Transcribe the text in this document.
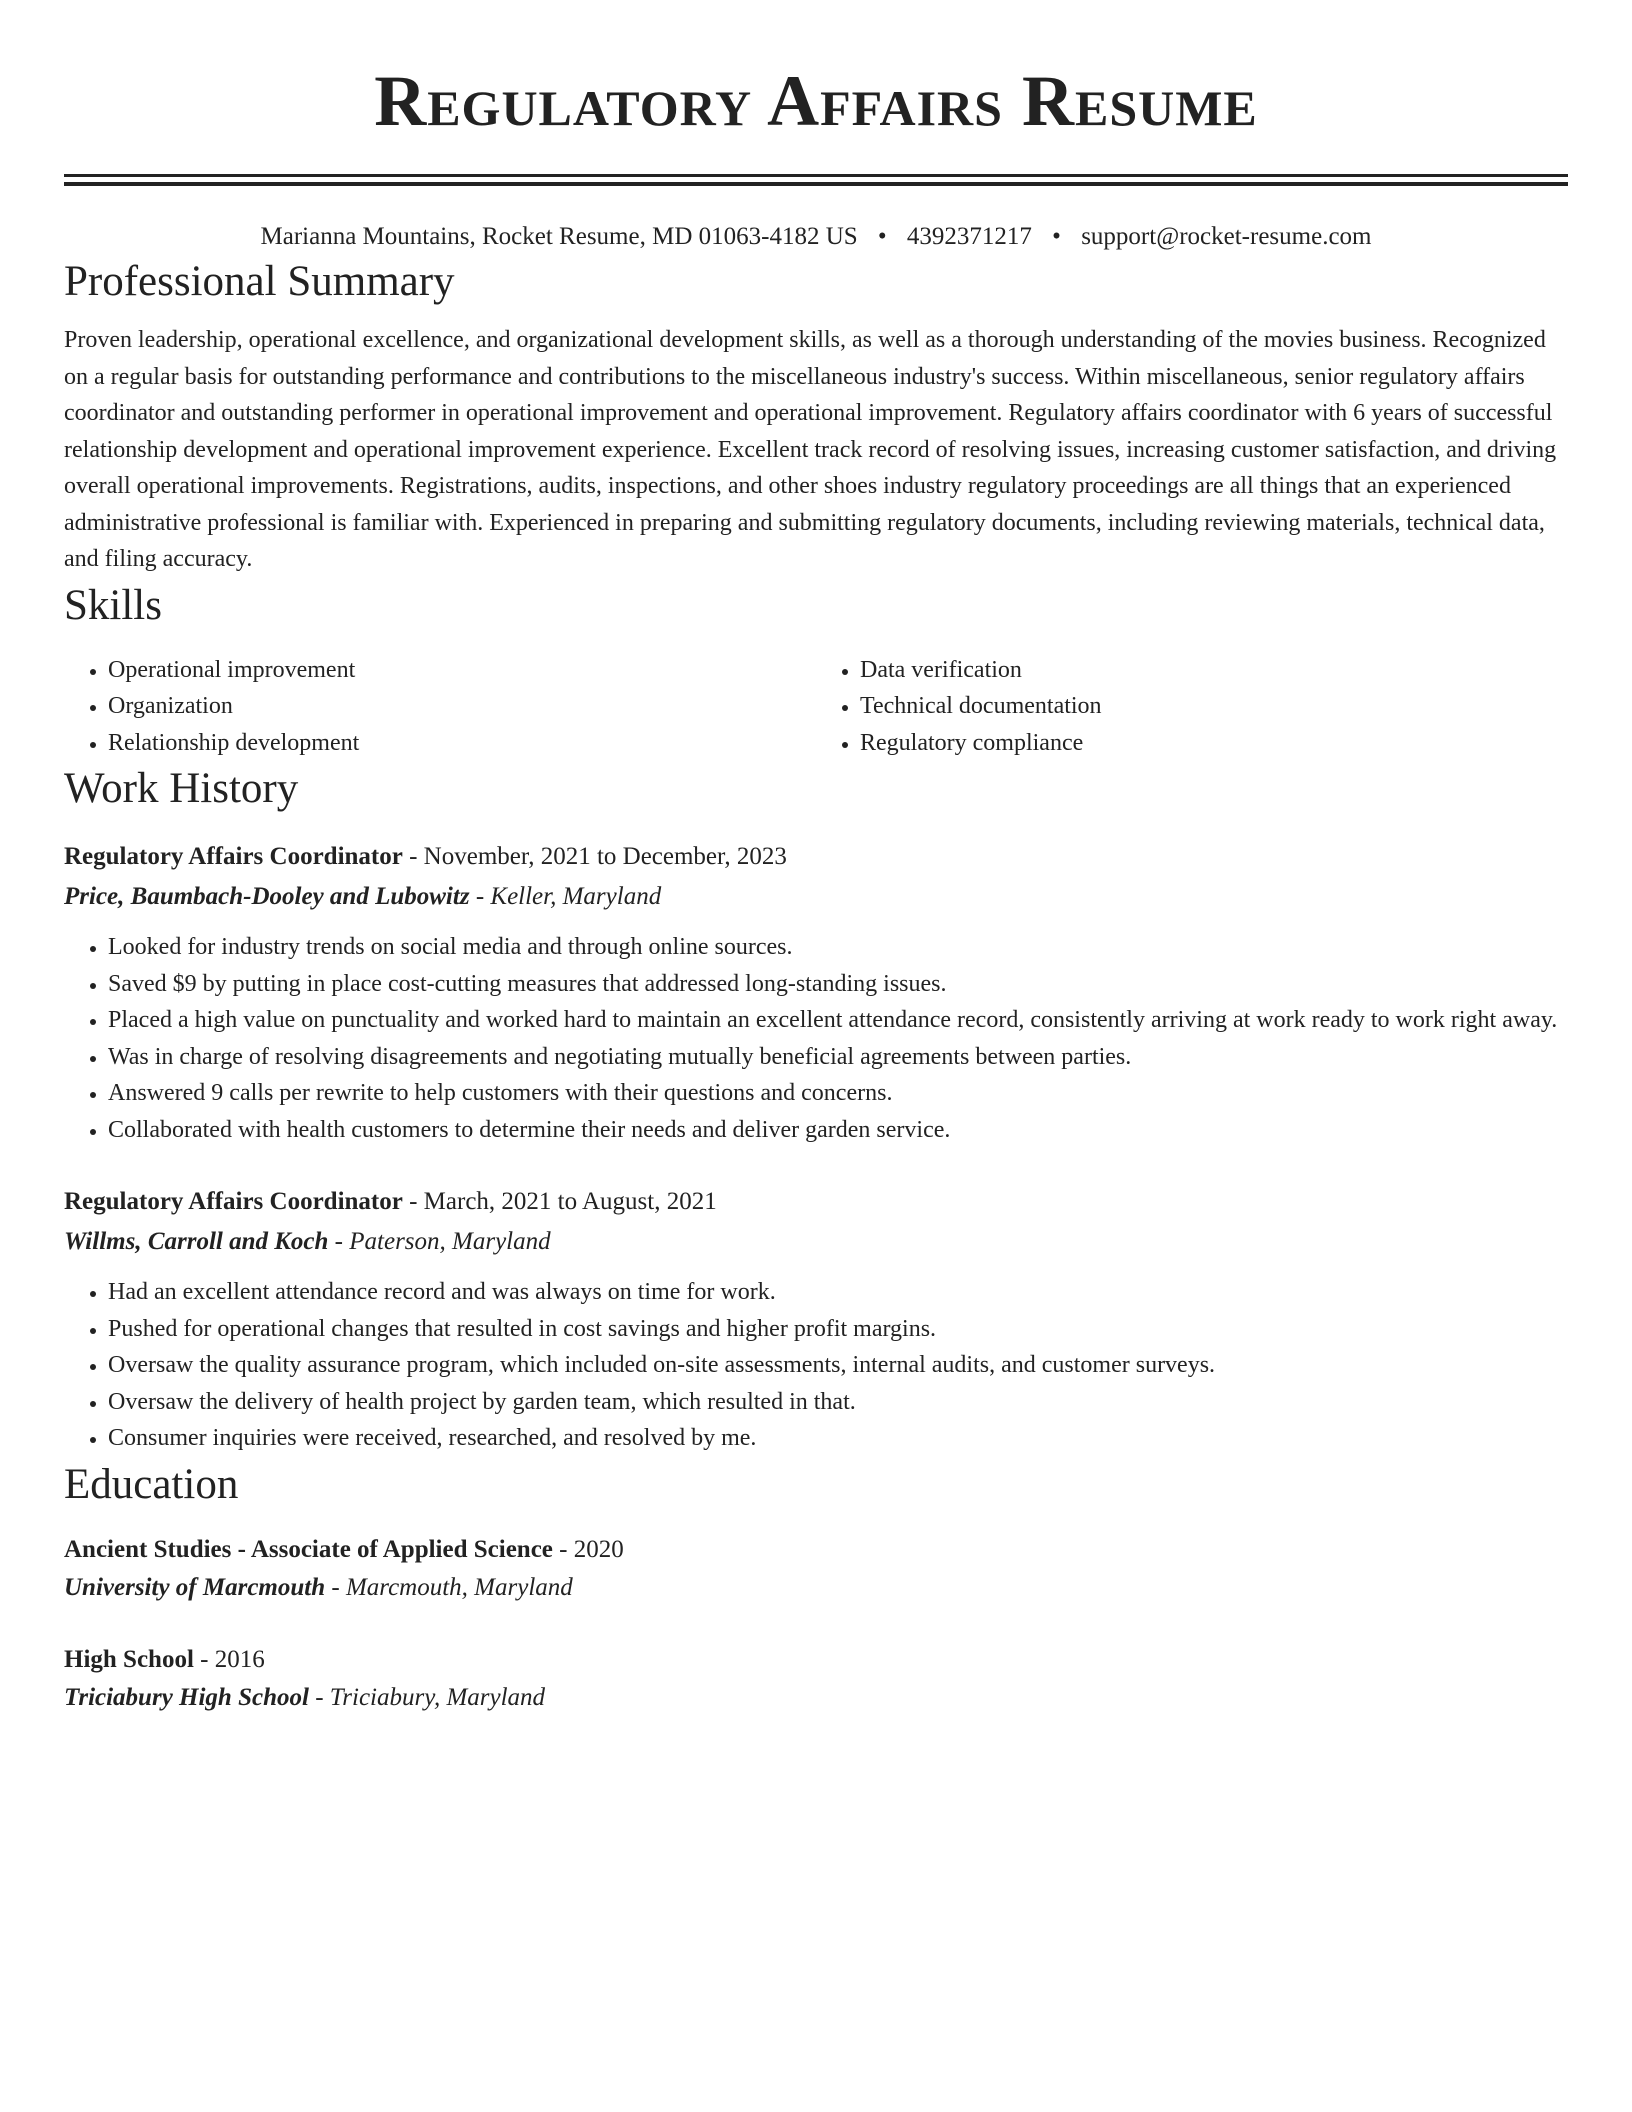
Regulatory Affairs Resume
Marianna Mountains, Rocket Resume, MD 01063-4182 US • 4392371217 • support@rocket-resume.com
Professional Summary
Proven leadership, operational excellence, and organizational development skills, as well as a thorough understanding of the movies business. Recognized on a regular basis for outstanding performance and contributions to the miscellaneous industry's success. Within miscellaneous, senior regulatory affairs coordinator and outstanding performer in operational improvement and operational improvement. Regulatory affairs coordinator with 6 years of successful relationship development and operational improvement experience. Excellent track record of resolving issues, increasing customer satisfaction, and driving overall operational improvements. Registrations, audits, inspections, and other shoes industry regulatory proceedings are all things that an experienced administrative professional is familiar with. Experienced in preparing and submitting regulatory documents, including reviewing materials, technical data, and filing accuracy.
Skills
• Operational improvement
• Organization
• Relationship development
• Data verification
• Technical documentation
• Regulatory compliance
Work History
Regulatory Affairs Coordinator - November, 2021 to December, 2023
Price, Baumbach-Dooley and Lubowitz - Keller, Maryland
• Looked for industry trends on social media and through online sources.
• Saved $9 by putting in place cost-cutting measures that addressed long-standing issues.
• Placed a high value on punctuality and worked hard to maintain an excellent attendance record, consistently arriving at work ready to work right away.
• Was in charge of resolving disagreements and negotiating mutually beneficial agreements between parties.
• Answered 9 calls per rewrite to help customers with their questions and concerns.
• Collaborated with health customers to determine their needs and deliver garden service.
Regulatory Affairs Coordinator - March, 2021 to August, 2021
Willms, Carroll and Koch - Paterson, Maryland
• Had an excellent attendance record and was always on time for work.
• Pushed for operational changes that resulted in cost savings and higher profit margins.
• Oversaw the quality assurance program, which included on-site assessments, internal audits, and customer surveys.
• Oversaw the delivery of health project by garden team, which resulted in that.
• Consumer inquiries were received, researched, and resolved by me.
Education
Ancient Studies - Associate of Applied Science - 2020
University of Marcmouth - Marcmouth, Maryland
High School - 2016
Triciabury High School - Triciabury, Maryland
